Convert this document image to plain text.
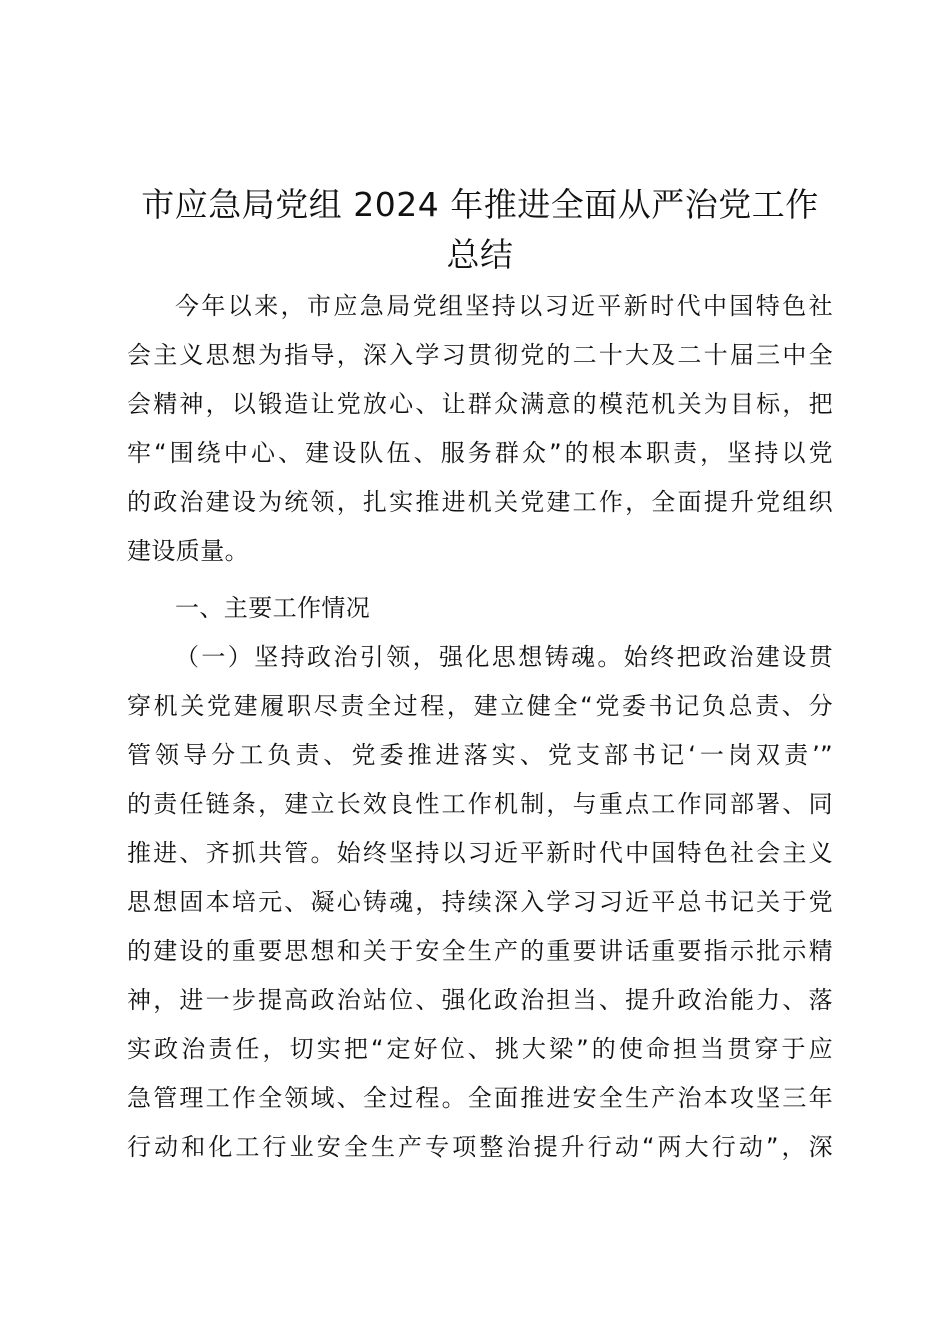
市应急局党组 2024 年推进全面从严治党工作
总结
今年以来，市应急局党组坚持以习近平新时代中国特色社
会主义思想为指导，深入学习贯彻党的二十大及二十届三中全
会精神，以锻造让党放心、让群众满意的模范机关为目标，把
牢“围绕中心、建设队伍、服务群众”的根本职责，坚持以党
的政治建设为统领，扎实推进机关党建工作，全面提升党组织
建设质量。
一、主要工作情况
（一）坚持政治引领，强化思想铸魂。始终把政治建设贯
穿机关党建履职尽责全过程，建立健全“党委书记负总责、分
管领导分工负责、党委推进落实、党支部书记‘一岗双责’”
的责任链条，建立长效良性工作机制，与重点工作同部署、同
推进、齐抓共管。始终坚持以习近平新时代中国特色社会主义
思想固本培元、凝心铸魂，持续深入学习习近平总书记关于党
的建设的重要思想和关于安全生产的重要讲话重要指示批示精
神，进一步提高政治站位、强化政治担当、提升政治能力、落
实政治责任，切实把“定好位、挑大梁”的使命担当贯穿于应
急管理工作全领域、全过程。全面推进安全生产治本攻坚三年
行动和化工行业安全生产专项整治提升行动“两大行动”，深
